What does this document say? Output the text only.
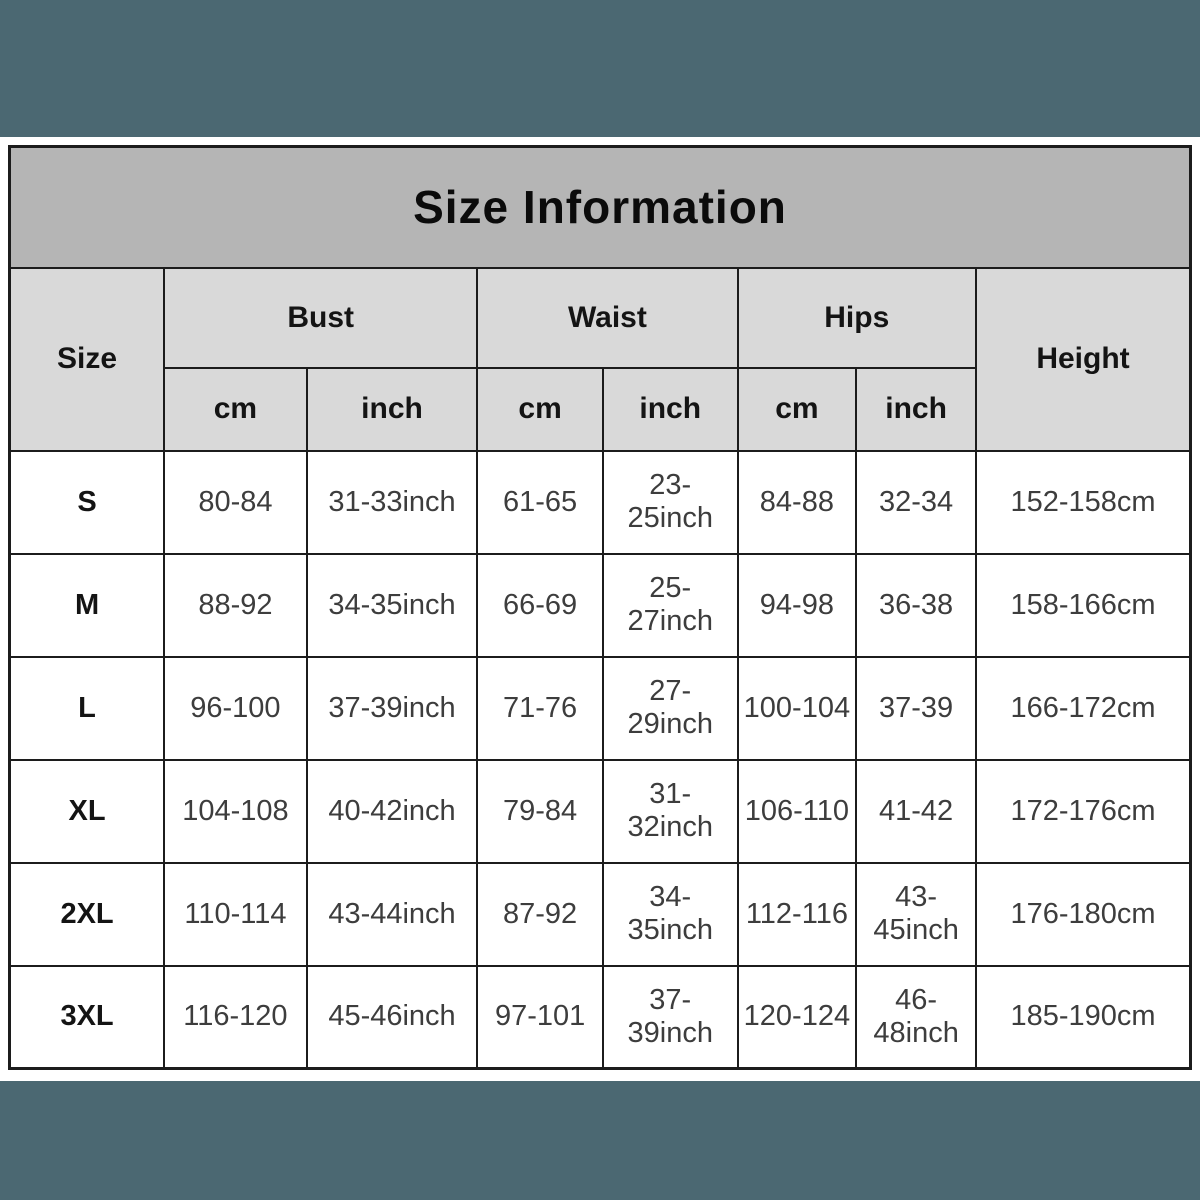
Size Information							
Size	Bust		Waist		Hips		Height
	cm	inch	cm	inch	cm	inch	
S	80-84	31-33inch	61-65	23-25inch	84-88	32-34	152-158cm
M	88-92	34-35inch	66-69	25-27inch	94-98	36-38	158-166cm
L	96-100	37-39inch	71-76	27-29inch	100-104	37-39	166-172cm
XL	104-108	40-42inch	79-84	31-32inch	106-110	41-42	172-176cm
2XL	110-114	43-44inch	87-92	34-35inch	112-116	43-45inch	176-180cm
3XL	116-120	45-46inch	97-101	37-39inch	120-124	46-48inch	185-190cm
